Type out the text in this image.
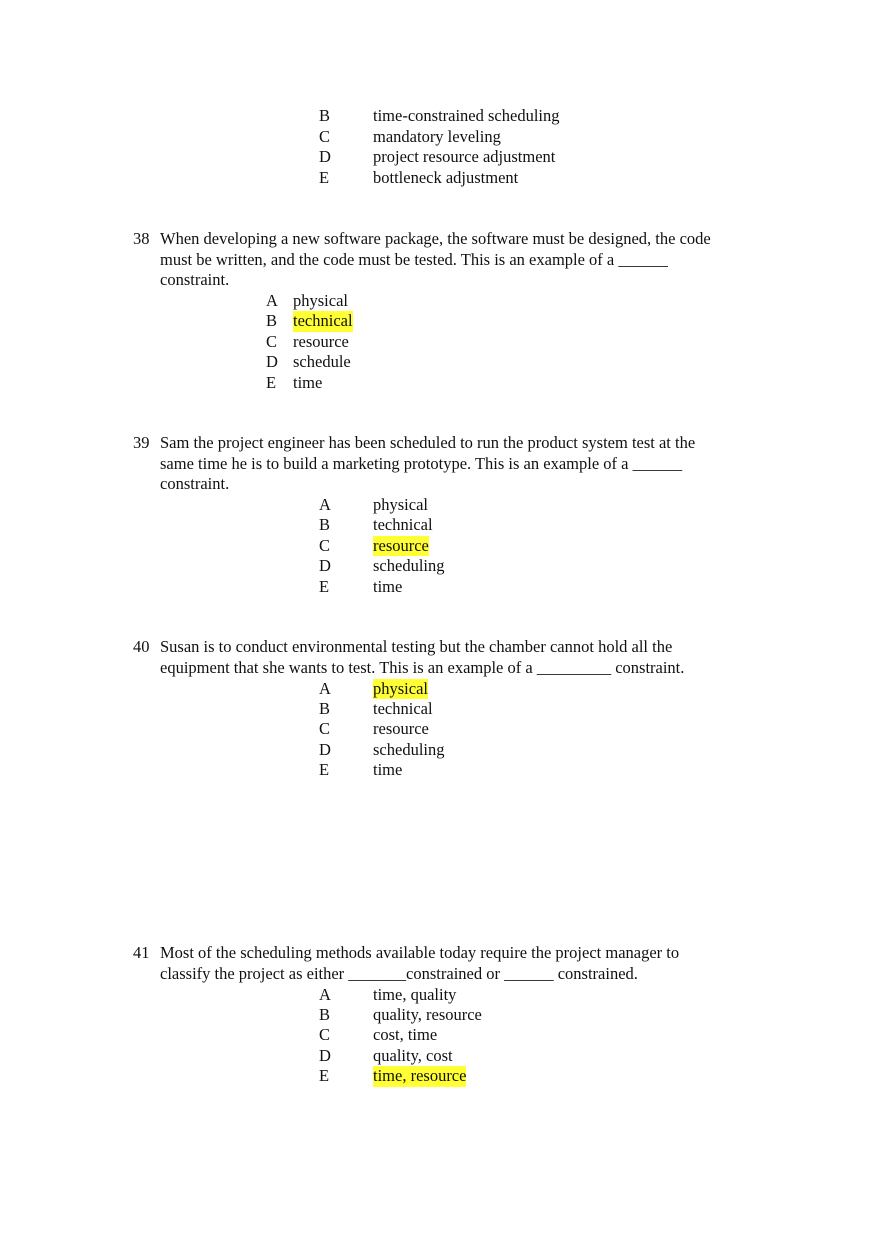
B	time-constrained scheduling
C	mandatory leveling
D	project resource adjustment
E	bottleneck adjustment
38 When developing a new software package, the software must be designed, the code
must be written, and the code must be tested. This is an example of a ______
constraint.
A physical
B technical
C resource
D schedule
E time
39 Sam the project engineer has been scheduled to run the product system test at the
same time he is to build a marketing prototype. This is an example of a ______
constraint.
A	physical
B	technical
C	resource
D	scheduling
E	time
40 Susan is to conduct environmental testing but the chamber cannot hold all the
equipment that she wants to test. This is an example of a _________ constraint.
A	physical
B	technical
C	resource
D	scheduling
E	time
41 Most of the scheduling methods available today require the project manager to
classify the project as either _______constrained or ______ constrained.
A	time, quality
B	quality, resource
C	cost, time
D	quality, cost
E	time, resource
